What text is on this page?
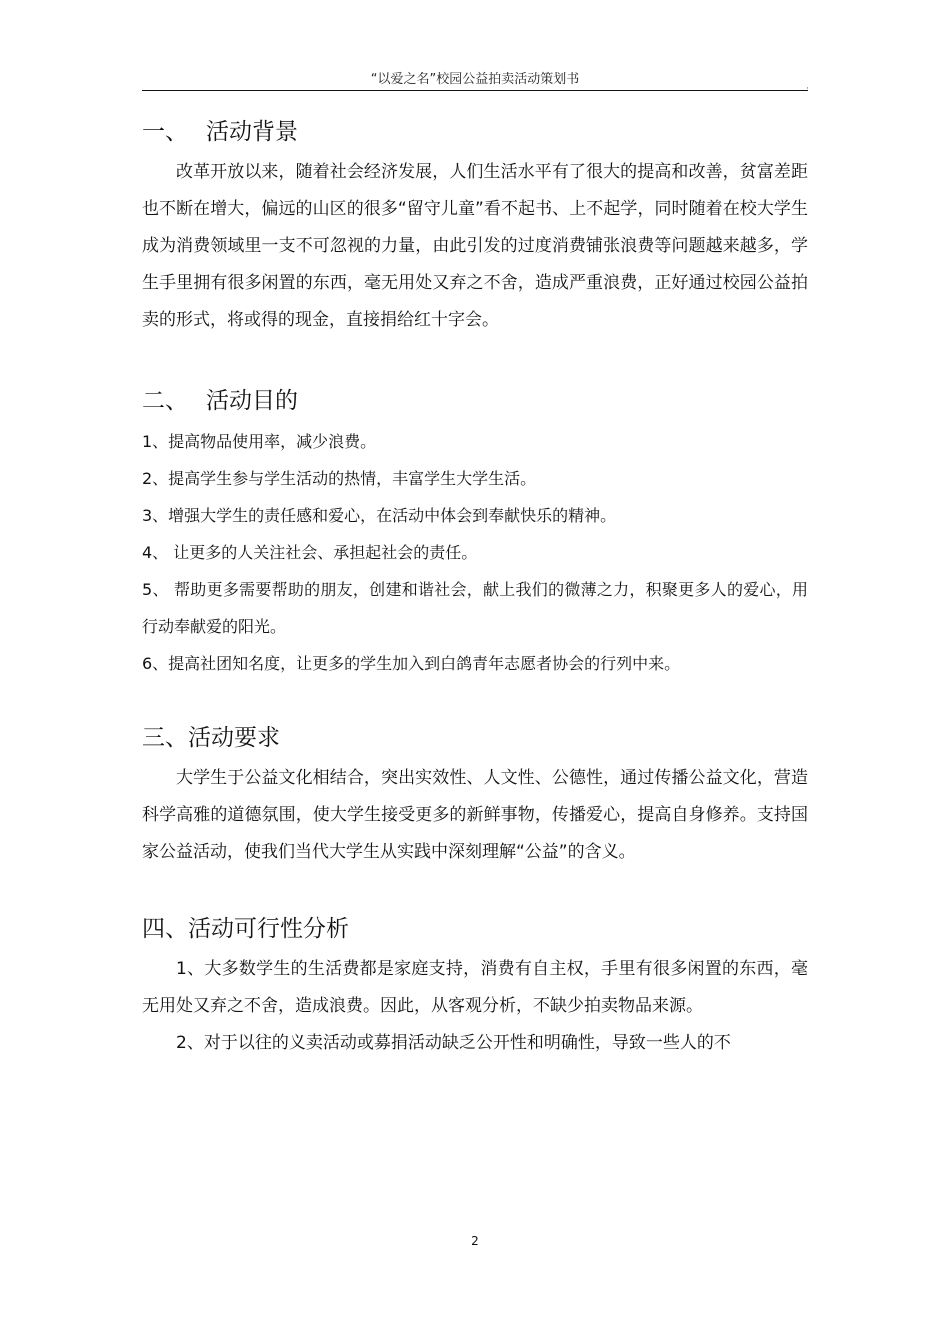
“以爱之名”校园公益拍卖活动策划书
·
一、 活动背景

改革开放以来，随着社会经济发展，人们生活水平有了很大的提高和改善，贫富差距也不断在增大，偏远的山区的很多“留守儿童”看不起书、上不起学，同时随着在校大学生成为消费领域里一支不可忽视的力量，由此引发的过度消费铺张浪费等问题越来越多，学生手里拥有很多闲置的东西，毫无用处又弃之不舍，造成严重浪费，正好通过校园公益拍卖的形式，将或得的现金，直接捐给红十字会。

二、 活动目的

1、提高物品使用率，减少浪费。

2、提高学生参与学生活动的热情，丰富学生大学生活。

3、增强大学生的责任感和爱心，在活动中体会到奉献快乐的精神。

4、 让更多的人关注社会、承担起社会的责任。

5、 帮助更多需要帮助的朋友，创建和谐社会，献上我们的微薄之力，积聚更多人的爱心，用行动奉献爱的阳光。

6、提高社团知名度，让更多的学生加入到白鸽青年志愿者协会的行列中来。

三、活动要求

大学生于公益文化相结合，突出实效性、人文性、公德性，通过传播公益文化，营造科学高雅的道德氛围，使大学生接受更多的新鲜事物，传播爱心，提高自身修养。支持国家公益活动，使我们当代大学生从实践中深刻理解“公益”的含义。

四、活动可行性分析

1、大多数学生的生活费都是家庭支持，消费有自主权，手里有很多闲置的东西，毫无用处又弃之不舍，造成浪费。因此，从客观分析，不缺少拍卖物品来源。

2、对于以往的义卖活动或募捐活动缺乏公开性和明确性，导致一些人的不

2
